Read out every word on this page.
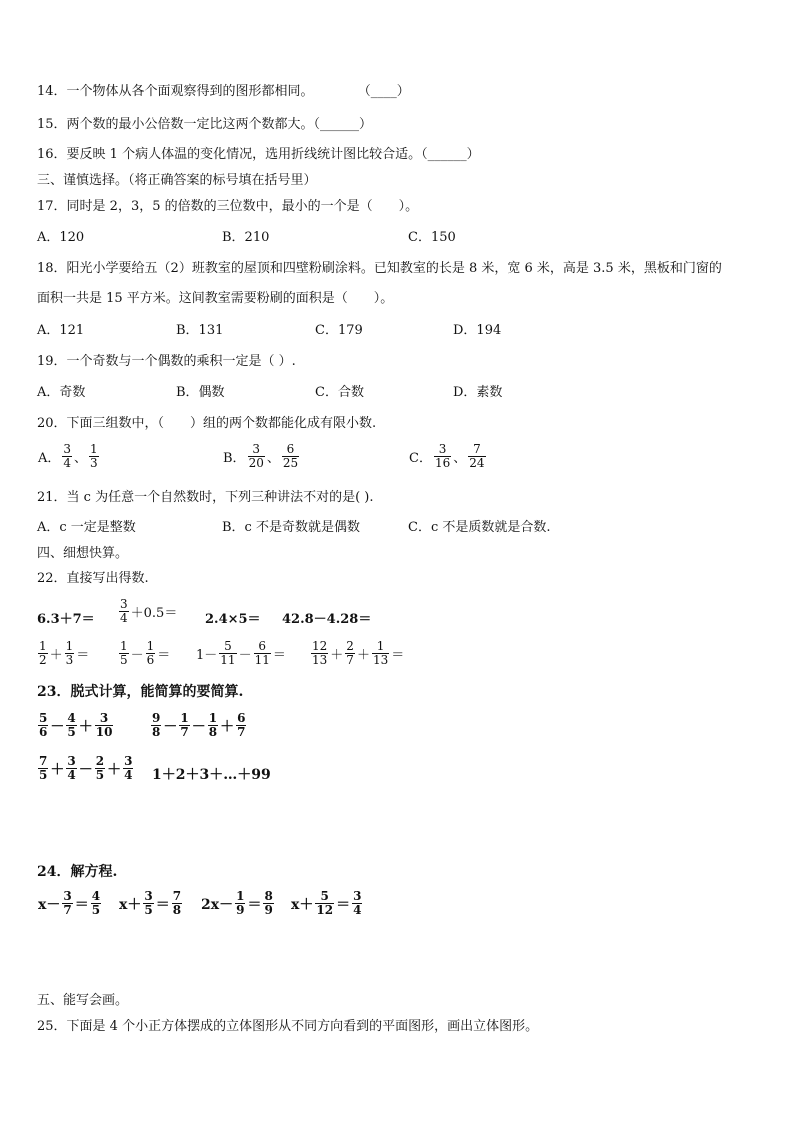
14．一个物体从各个面观察得到的图形都相同。	（____）
15．两个数的最小公倍数一定比这两个数都大。（______）
16．要反映 1 个病人体温的变化情况，选用折线统计图比较合适。（______）
三、谨慎选择。（将正确答案的标号填在括号里）
17．同时是 2，3，5 的倍数的三位数中，最小的一个是（　　）。
A．120	B．210	C．150
18．阳光小学要给五（2）班教室的屋顶和四壁粉刷涂料。已知教室的长是 8 米，宽 6 米，高是 3.5 米，黑板和门窗的
面积一共是 15 平方米。这间教室需要粉刷的面积是（　　）。
A．121	B．131	C．179	D．194
19．一个奇数与一个偶数的乘积一定是（ ）.
A．奇数	B．偶数	C．合数	D．素数
20．下面三组数中，（　　）组的两个数都能化成有限小数.
A． $\frac{3}{4}$ 、 $\frac{1}{3}$	B． $\frac{3}{20}$ 、 $\frac{6}{25}$	C． $\frac{3}{16}$ 、 $\frac{7}{24}$
21．当 c 为任意一个自然数时，下列三种讲法不对的是( ).
A．c 一定是整数	B．c 不是奇数就是偶数	C．c 不是质数就是合数.
四、细想快算。
22．直接写出得数.
$6.3+7= \frac{3}{4} +0.5= 2.4\times 5= 42.8-4.28=$
$\frac{1}{2} + \frac{1}{3} = \frac{1}{5} - \frac{1}{6} = 1- \frac{5}{11} - \frac{6}{11} = \frac{12}{13} + \frac{2}{7} + \frac{1}{13}$ ＝
23．脱式计算，能简算的要简算.
$\frac{5}{6} - \frac{4}{5} + \frac{3}{10}$	$\frac{9}{8} - \frac{1}{7} - \frac{1}{8} + \frac{6}{7}$
$\frac{7}{5} + \frac{3}{4} - \frac{2}{5} + \frac{3}{4}$ 1＋2＋3＋…＋99
24．解方程.
$x- \frac{3}{7} = \frac{4}{5} x+ \frac{3}{5} = \frac{7}{8} 2x- \frac{1}{9} = \frac{8}{9} x+ \frac{5}{12} = \frac{3}{4}$
五、能写会画。
25．下面是 4 个小正方体摆成的立体图形从不同方向看到的平面图形，画出立体图形。
